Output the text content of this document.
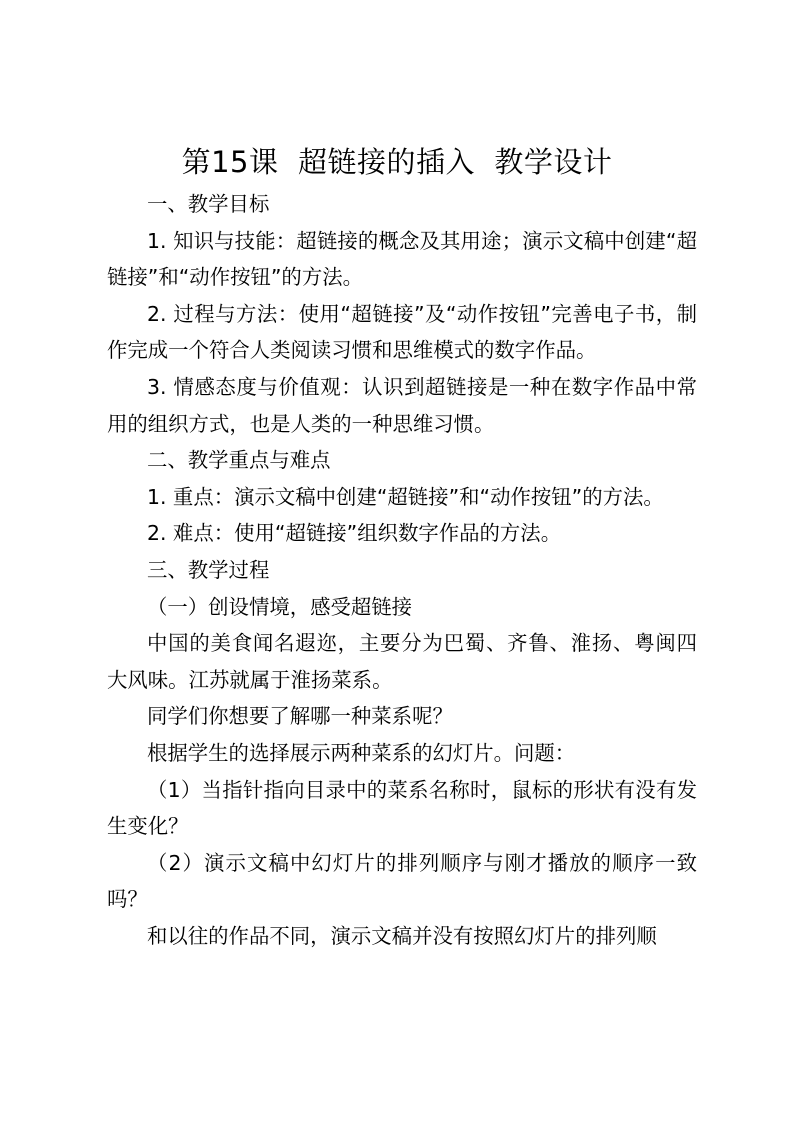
第15课  超链接的插入  教学设计

一、教学目标

1. 知识与技能：超链接的概念及其用途；演示文稿中创建“超链接”和“动作按钮”的方法。

2. 过程与方法：使用“超链接”及“动作按钮”完善电子书，制作完成一个符合人类阅读习惯和思维模式的数字作品。

3. 情感态度与价值观：认识到超链接是一种在数字作品中常用的组织方式，也是人类的一种思维习惯。

二、教学重点与难点

1. 重点：演示文稿中创建“超链接”和“动作按钮”的方法。

2. 难点：使用“超链接”组织数字作品的方法。

三、教学过程

（一）创设情境，感受超链接

中国的美食闻名遐迩，主要分为巴蜀、齐鲁、淮扬、粤闽四大风味。江苏就属于淮扬菜系。

同学们你想要了解哪一种菜系呢？

根据学生的选择展示两种菜系的幻灯片。问题：

（1）当指针指向目录中的菜系名称时，鼠标的形状有没有发生变化？

（2）演示文稿中幻灯片的排列顺序与刚才播放的顺序一致吗？

和以往的作品不同，演示文稿并没有按照幻灯片的排列顺
